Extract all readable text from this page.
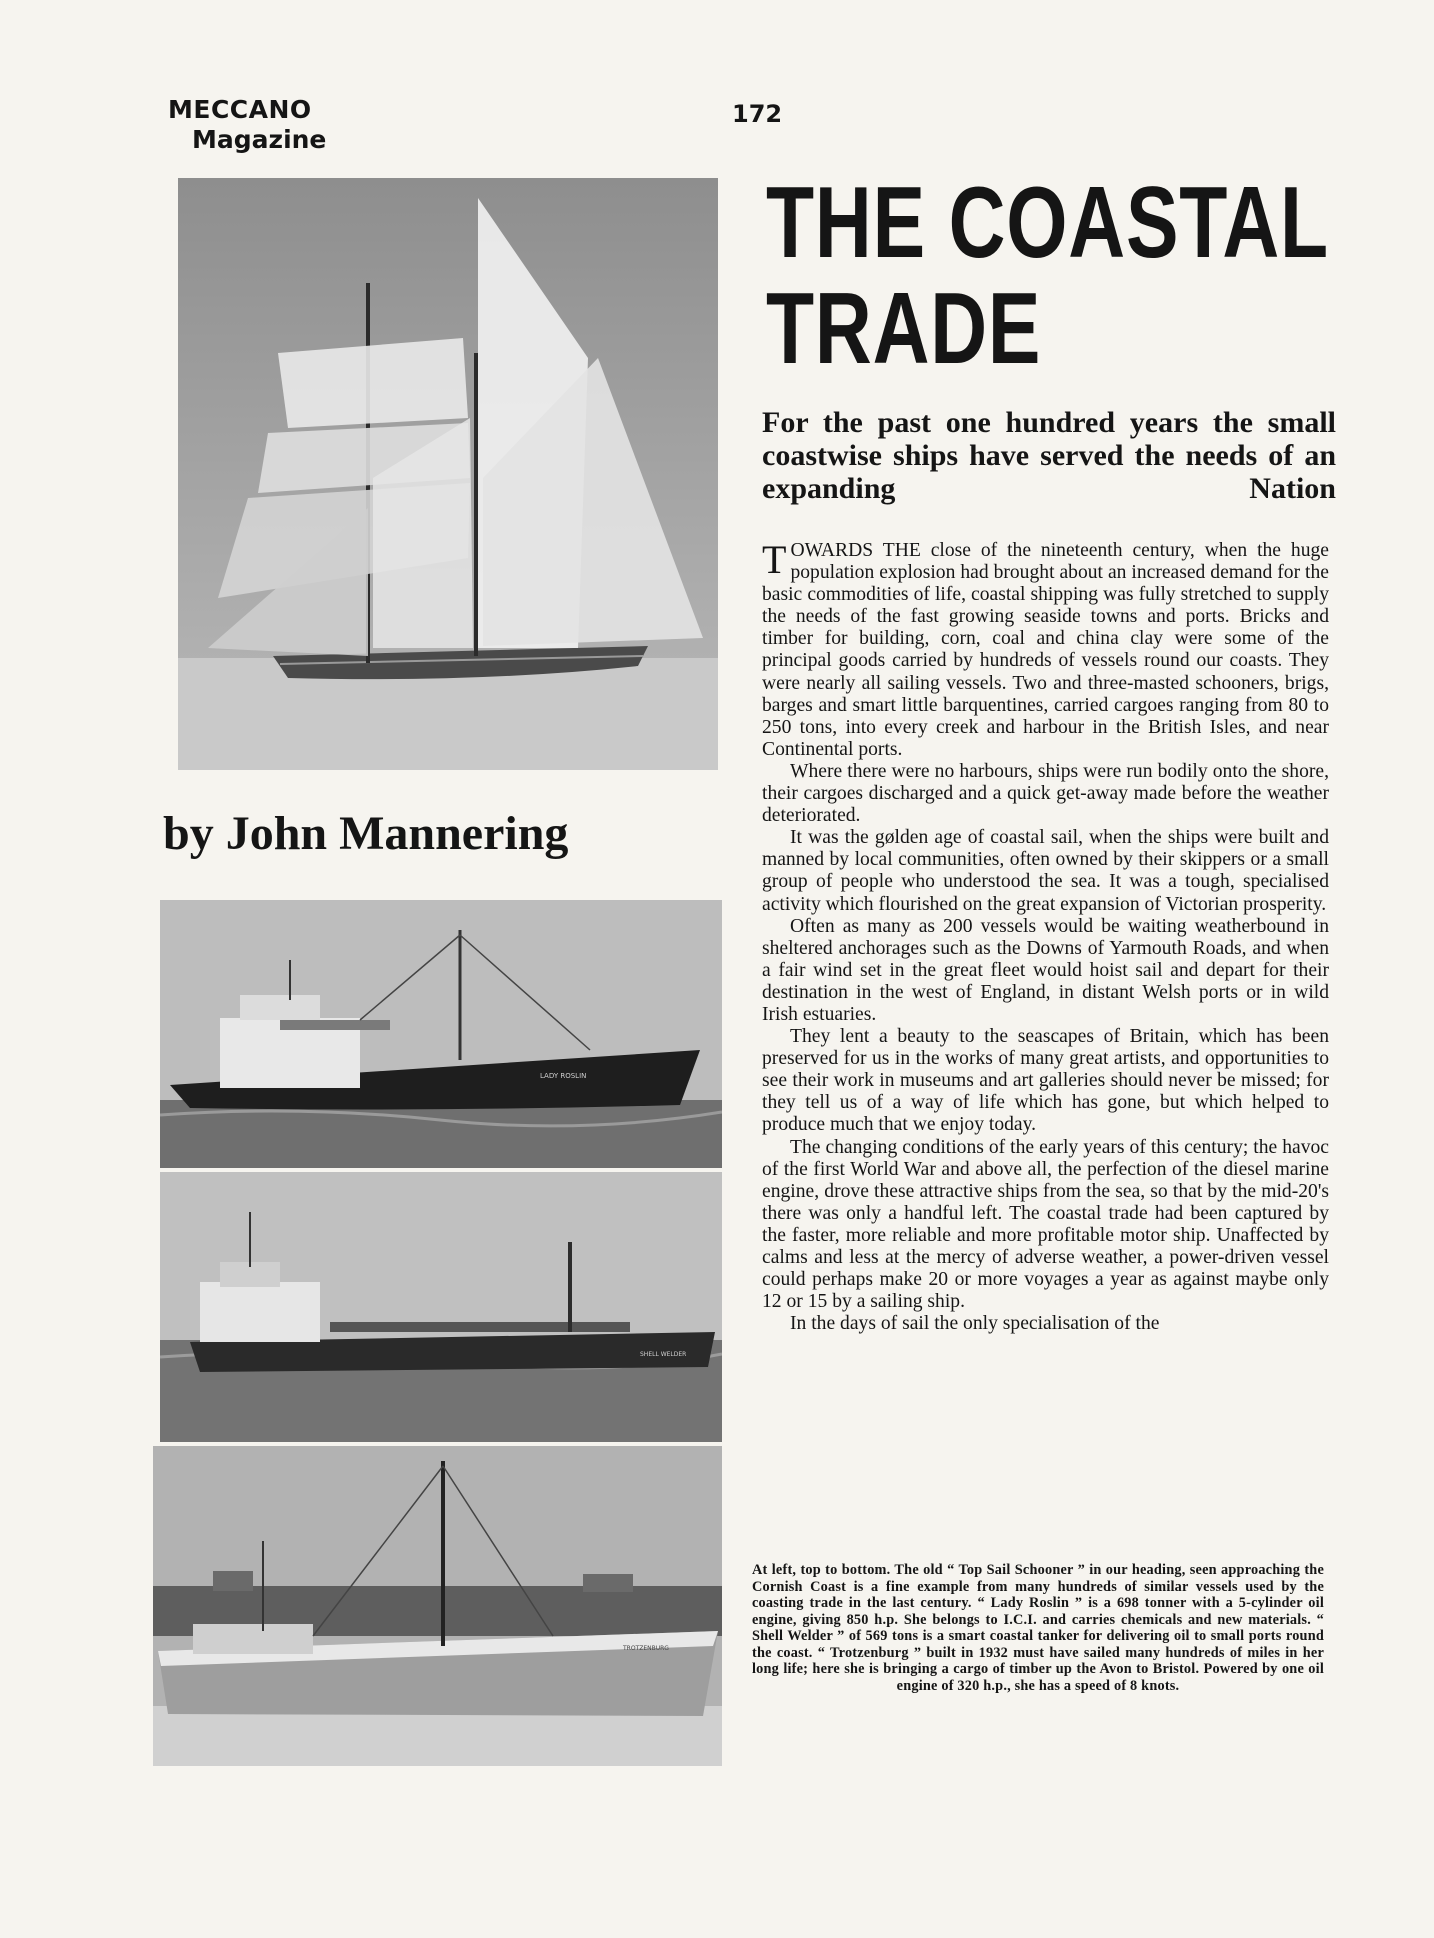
MECCANO
Magazine
172
LADY ROSLIN
SHELL WELDER
TROTZENBURG
THE COASTAL
TRADE
For the past one hundred years the small coastwise ships have served the needs of an expanding Nation
by John Mannering

TOWARDS THE close of the nineteenth century, when the huge population explosion had brought about an increased demand for the basic commodities of life, coastal shipping was fully stretched to supply the needs of the fast growing seaside towns and ports. Bricks and timber for building, corn, coal and china clay were some of the principal goods carried by hundreds of vessels round our coasts. They were nearly all sailing vessels. Two and three-masted schooners, brigs, barges and smart little barquentines, carried cargoes ranging from 80 to 250 tons, into every creek and harbour in the British Isles, and near Continental ports.

Where there were no harbours, ships were run bodily onto the shore, their cargoes discharged and a quick get-away made before the weather deteriorated.

It was the gølden age of coastal sail, when the ships were built and manned by local communities, often owned by their skippers or a small group of people who understood the sea. It was a tough, specialised activity which flourished on the great expansion of Victorian prosperity.

Often as many as 200 vessels would be waiting weatherbound in sheltered anchorages such as the Downs of Yarmouth Roads, and when a fair wind set in the great fleet would hoist sail and depart for their destination in the west of England, in distant Welsh ports or in wild Irish estuaries.

They lent a beauty to the seascapes of Britain, which has been preserved for us in the works of many great artists, and opportunities to see their work in museums and art galleries should never be missed; for they tell us of a way of life which has gone, but which helped to produce much that we enjoy today.

The changing conditions of the early years of this century; the havoc of the first World War and above all, the perfection of the diesel marine engine, drove these attractive ships from the sea, so that by the mid-20's there was only a handful left. The coastal trade had been captured by the faster, more reliable and more profitable motor ship. Unaffected by calms and less at the mercy of adverse weather, a power-driven vessel could perhaps make 20 or more voyages a year as against maybe only 12 or 15 by a sailing ship.

In the days of sail the only specialisation of the

At left, top to bottom. The old “ Top Sail Schooner ” in our heading, seen approaching the Cornish Coast is a fine example from many hundreds of similar vessels used by the coasting trade in the last century. “ Lady Roslin ” is a 698 tonner with a 5-cylinder oil engine, giving 850 h.p. She belongs to I.C.I. and carries chemicals and new materials. “ Shell Welder ” of 569 tons is a smart coastal tanker for delivering oil to small ports round the coast. “ Trotzenburg ” built in 1932 must have sailed many hundreds of miles in her long life; here she is bringing a cargo of timber up the Avon to Bristol. Powered by one oil engine of 320 h.p., she has a speed of 8 knots.
